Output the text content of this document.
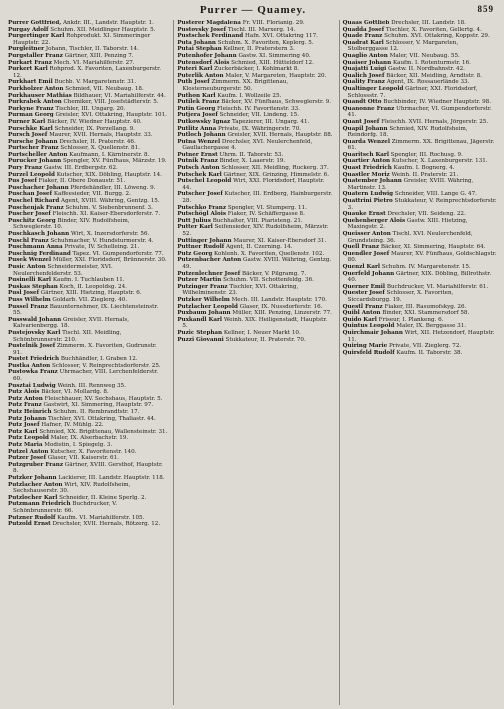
Purrer — Quamey.	859

Purrer Gottfried, Ankdr. III., Landstr. Hauptstr. 1.

Purgay Adolf Schuhm. XII. Meidlinger Hauptstr. 5.

Purgertinger Karl Rohprodukt. XI. Simmeringer Hauptstr. 22.

Purgleitner Johann, Tischler, II. Taborstr. 14.

Purgstaller Franz Gärtner, XIII. Penzing 7.

Purkart Franz Mech. VI. Mariahilferstr. 27.

Purkert Karl Rohprod. X. Favoriten, Laxenburgerstr. 12.

Purkhart Emil Buchb. V. Margaretenstr. 31.

Purkholzer Anton Schmied, VII. Neubaug. 18.

Purkhauser Mathias Bildhauer, VI. Mariahilferstr. 44.

Purkrabek Anton Chemiker, VIII. Josefstädterstr. 5.

Purkyne Franz Tischler, III. Ungarg. 20.

Purman Georg Greisler, XVI. Ottakring, Hauptstr. 101.

Purner Karl Bäcker, IV. Wiedner Hauptstr. 40.

Purschke Karl Schneider, IX. Porzellang. 9.

Pursch Josef Maurer, XVII. Hernals, Hauptstr. 33.

Pursche Johann Drechsler, II. Praterstr. 46.

Purtscher Franz Schlosser, X. Quellenstr. 81.

Purtscheller Anton Kaufmann, I. Kärntnerstr. 8.

Purucker Johann Spengler, XV. Fünfhaus, Märzstr. 19.

Pury Franz Gastw. III. Erdbergstr. 62.

Purzel Leopold Kutscher, XIX. Döbling, Hauptstr. 14.

Pus Josef Fiaker, II. Obere Donaustr. 51.

Puschacher Johann Pferdehändler, III. Löweng. 9.

Puschan Josef Kaffeesieder, VII. Burgg. 2.

Puschel Richard Agent, XVIII. Währing, Gentzg. 15.

Puschenjak Franz Schuhm. V. Siebenbrunnenf. 3.

Puscher Josef Fleischh. XI. Kaiser-Ebersdorferstr. 7.

Puschitz Georg Binder, XIV. Rudolfsheim, Schweglerstr. 10.

Puschkasch Johann Wirt, X. Inzersdorferstr. 56.

Puschl Franz Schuhmacher, V. Hundsturmerstr. 4.

Puschmann Anna Private, IV. Schelleing. 21.

Puschnig Ferdinand Tapez. VI. Gumpendorferstr. 77.

Pusek Wenzel Müller, XXI. Floridsdorf, Brünnerstr. 30.

Pusic Anton Schneidermeister, XVI. Neulerchenfelderstr. 53.

Pusinelli Karl Kaufm. I. Tuchlauben 11.

Puskas Stephan Koch, II. Leopoldsg. 24.

Pusl Josef Gärtner, XIII. Hietzing, Hauptstr. 6.

Puss Wilhelm Goldarb. VII. Zieglerg. 40.

Pussel Franz Bauunternehmer, IX. Liechtensteinstr. 55.

Pusswald Johann Greisler, XVII. Hernals, Kalvarienbergg. 18.

Pustejovsky Karl Tischl. XII. Meidling, Schönbrunnerstr. 210.

Pustelnik Josef Zimmerm. X. Favoriten, Gudrunstr. 91.

Pustet Friedrich Buchhändler, I. Graben 12.

Pustka Anton Schlosser, V. Reinprechtsdorferstr. 25.

Pustowka Franz Uhrmacher, VIII. Lerchenfelderstr. 60.

Pusztai Ludwig Weinh. III. Rennweg 35.

Putz Alois Bäcker, VI. Mollardg. 8.

Putz Anton Fleischhauer, XV. Sechshaus, Hauptstr. 5.

Putz Franz Gastwirt, XI. Simmering, Hauptstr. 97.

Putz Heinrich Schuhm. II. Rembrandtstr. 17.

Putz Johann Tischler, XVI. Ottakring, Thaliastr. 44.

Putz Josef Hafner, IV. Mühlg. 22.

Putz Karl Schmied, XX. Brigittenau, Wallensteinstr. 31.

Putz Leopold Maler, IX. Alserbachstr. 19.

Putz Maria Modistin, I. Spiegelg. 3.

Putzel Anton Kutscher, X. Favoritenstr. 140.

Putzer Josef Glaser, VII. Kaiserstr. 61.

Putzgruber Franz Gärtner, XVIII. Gersthof, Hauptstr. 8.

Putzker Johann Lackierer, III. Landstr. Hauptstr. 118.

Putzlacher Anton Wirt, XIV. Rudolfsheim, Sechshauserstr. 30.

Putzlocher Karl Schneider, II. Kleine Sperlg. 2.

Putzmann Friedrich Buchdrucker, V. Schönbrunnerstr. 66.

Putzner Rudolf Kaufm. VI. Mariahilferstr. 105.

Putzold Ernst Drechsler, XVII. Hernals, Rötzerg. 12.

Pusterer Magdalena Fr. VIII. Florianig. 29.

Pustovsky Josef Tischl. III. Marxerg. 14.

Pustschek Ferdinand Hafn. XVI. Ottakring 117.

Puta Johann Schuhm. X. Favoriten, Keplerg. 5.

Putai Stephan Kellner, II. Praterstern 3.

Putenhofer Johann Gastw. XI. Simmering 40.

Putensdorf Alois Schmied, XIII. Hütteldorf 12.

Puteri Karl Zuckerbäcker, I. Kohlmarkt 8.

Puterlik Anton Maler, V. Margareten, Hauptstr. 20.

Puth Josef Zimmerm. XX. Brigittenau, Klosterneuburgerstr. 50.

Puthon Karl Kaufm. I. Wollzeile 25.

Putilek Franz Bäcker, XV. Fünfhaus, Schweglerstr. 9.

Putin Georg Fleischh. IV. Favoritenstr. 33.

Putjera Josef Schneider, VII. Lindeng. 15.

Putkowsky Ignaz Tapezierer, III. Ungarg. 41.

Putlitz Anna Private, IX. Währingerstr. 70.

Putloch Johann Greisler, XVII. Hernals, Hauptstr. 88.

Putna Wenzel Drechsler, XVI. Neulerchenfeld, Gaullachergasse 4.

Putner Ernst Uhrm. II. Taborstr. 53.

Putnik Franz Binder, X. Laaerstr. 19.

Putsch Anton Schlosser, XII. Meidling, Ruckerg. 37.

Putschek Karl Gärtner, XIX. Grinzing, Himmelstr. 6.

Putschel Leopold Wirt, XXI. Floridsdorf, Hauptstr. 44.

Putscher Josef Kutscher, III. Erdberg, Hainburgerstr. 28.

Putschko Franz Spengler, VI. Stumperg. 11.

Putschögl Alois Fiaker, IV. Schäffergasse 8.

Putt Julius Buchhalter, VIII. Piaristeng. 21.

Putter Karl Seifensieder, XIV. Rudolfsheim, Märzstr. 52.

Puttinger Johann Maurer, XI. Kaiser-Ebersdorf 31.

Puttner Rudolf Agent, II. Czerning. 14.

Putz Georg Kohlenh. X. Favoriten, Quellenstr. 102.

Putzenbacher Anton Gastw. XVIII. Währing, Gentzg. 49.

Putzenlechner Josef Bäcker, V. Pilgramg. 7.

Putzer Martin Schuhm. VII. Schottenfeldg. 36.

Putzinger Franz Tischler, XVI. Ottakring, Wilhelminenstr. 23.

Putzker Wilhelm Mech. III. Landstr. Hauptstr. 170.

Putzlacher Leopold Glaser, IX. Nussdorferstr. 16.

Puxbaum Johann Müller, XIII. Penzing, Linzerstr. 77.

Puxkandl Karl Weinh. XIX. Heiligenstadt, Hauptstr. 5.

Puzic Stephan Kellner, I. Neuer Markt 10.

Puzzi Giovanni Stukkateur, II. Praterstr. 70.

Quaas Gottlieb Drechsler, III. Landstr. 18.

Quadda Josef Tischler, X. Favoriten, Gellertg. 4.

Quade Franz Schuhm. XVI. Ottakring, Koppstr. 29.

Quadrat Karl Schlosser, V. Margareten, Stolberggasse 12.

Quaglio Anton Maler, VII. Neubaug. 55.

Quaiser Johann Kaufm. I. Rotenturmstr. 16.

Quajatti Luigi Gastw. II. Nordbahnstr. 42.

Qualich Josef Bäcker, XII. Meidling, Arndtstr. 8.

Quality Franz Agent, IX. Rossauerlände 33.

Qualtinger Leopold Gärtner, XXI. Floridsdorf, Schlossstr. 7.

Quandt Otto Buchbinder, IV. Wiedner Hauptstr. 98.

Quanonne Franz Uhrmacher, VI. Gumpendorferstr. 41.

Quant Josef Fleischh. XVII. Hernals, Jörgerstr. 25.

Quapil Johann Schmied, XIV. Rudolfsheim, Reindorfg. 18.

Quarda Wenzel Zimmerm. XX. Brigittenau, Jägerstr. 61.

Quaritsch Karl Spengler, III. Rochusg. 9.

Quartier Anton Kutscher, X. Laxenburgerstr. 131.

Quast Friedrich Kaufm. I. Bognerg. 4.

Quastler Moriz Weinh. II. Praterstr. 21.

Quatember Johann Greisler, XVIII. Währing, Martinstr. 13.

Quatern Ludwig Schneider, VIII. Lange G. 47.

Quattrini Pietro Stukkateur, V. Reinprechtsdorferstr. 3.

Quauke Ernst Drechsler, VII. Seideng. 22.

Quehenberger Alois Gastw. XIII. Hietzing, Maxingstr. 2.

Queisser Anton Tischl. XVI. Neulerchenfeld, Grundsteing. 36.

Quell Franz Bäcker, XI. Simmering, Hauptstr. 64.

Quendler Josef Maurer, XV. Fünfhaus, Goldschlagstr. 80.

Quenzl Karl Schuhm. IV. Margaretenstr. 15.

Querfeld Johann Gärtner, XIX. Döbling, Billrothstr. 40.

Querner Emil Buchdrucker, VI. Mariahilferstr. 61.

Quester Josef Schlosser, X. Favoriten, Siccardsburgg. 19.

Questl Franz Fiaker, III. Rasumofskyg. 26.

Quibl Anton Binder, XXI. Stammersdorf 58.

Quido Karl Friseur, I. Plankeng. 6.

Quintus Leopold Maler, IX. Berggasse 31.

Quirchmair Johann Wirt, XII. Hetzendorf, Hauptstr. 11.

Quiring Marie Private, VII. Zieglerg. 72.

Quirsfeld Rudolf Kaufm. II. Taborstr. 38.
